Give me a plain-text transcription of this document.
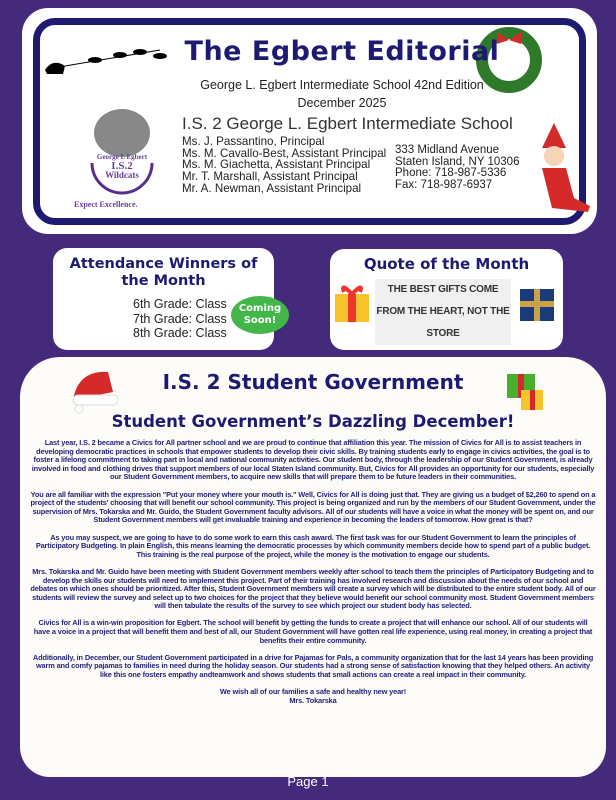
The Egbert Editorial
George L. Egbert Intermediate School 42nd Edition
December 2025
I.S. 2 George L. Egbert Intermediate School
Ms. J. Passantino, Principal
Ms. M. Cavallo-Best, Assistant Principal
Ms. M. Giachetta, Assistant Principal
Mr. T. Marshall, Assistant Principal
Mr. A. Newman, Assistant Principal
333 Midland Avenue
Staten Island, NY 10306
Phone: 718-987-5336
Fax: 718-987-6937
George L Egbert
I.S.2
Wildcats
Expect Excellence.
Attendance Winners of the Month
6th Grade: Class
7th Grade: Class
8th Grade: Class
Coming Soon!
Quote of the Month
THE BEST GIFTS COME FROM THE HEART, NOT THE STORE
I.S. 2 Student Government
Student Government’s Dazzling December!

Last year, I.S. 2 became a Civics for All partner school and we are proud to continue that affiliation this year. The mission of Civics for All is to assist teachers in developing democratic practices in schools that empower students to develop their civic skills. By training students early to engage in civics activities, the goal is to foster a lifelong commitment to taking part in local and national community activities. Our student body, through the leadership of our Student Government, is already involved in food and clothing drives that support members of our local Staten Island community. But, Civics for All provides an opportunity for our students, especially our Student Government members, to acquire new skills that will prepare them to be future leaders in their communities.

You are all familiar with the expression "Put your money where your mouth is." Well, Civics for All is doing just that. They are giving us a budget of $2,260 to spend on a project of the students' choosing that will benefit our school community. This project is being organized and run by the members of our Student Government, under the supervision of Mrs. Tokarska and Mr. Guido, the Student Government faculty advisors. All of our students will have a voice in what the money will be spent on, and our Student Government members will get invaluable training and experience in becoming the leaders of tomorrow. How great is that?

As you may suspect, we are going to have to do some work to earn this cash award. The first task was for our Student Government to learn the principles of Participatory Budgeting. In plain English, this means learning the democratic processes by which community members decide how to spend part of a public budget. This training is the real purpose of the project, while the money is the motivation to engage our students.

Mrs. Tokarska and Mr. Guido have been meeting with Student Government members weekly after school to teach them the principles of Participatory Budgeting and to develop the skills our students will need to implement this project. Part of their training has involved research and discussion about the needs of our school and debates on which ones should be prioritized. After this, Student Government members will create a survey which will be distributed to the entire student body. All of our students will review the survey and select up to two choices for the project that they believe would benefit our school community most. Student Government members will then tabulate the results of the survey to see which project our student body has selected.

Civics for All is a win-win proposition for Egbert. The school will benefit by getting the funds to create a project that will enhance our school. All of our students will have a voice in a project that will benefit them and best of all, our Student Government will have gotten real life experience, using real money, in creating a project that benefits their entire community.

Additionally, in December, our Student Government participated in a drive for Pajamas for Pals, a community organization that for the last 14 years has been providing warm and comfy pajamas to families in need during the holiday season. Our students had a strong sense of satisfaction knowing that they helped others. An activity like this one fosters empathy andteamwork and shows students that small actions can create a real impact in their community.

We wish all of our families a safe and healthy new year!
Mrs. Tokarska
Page 1
